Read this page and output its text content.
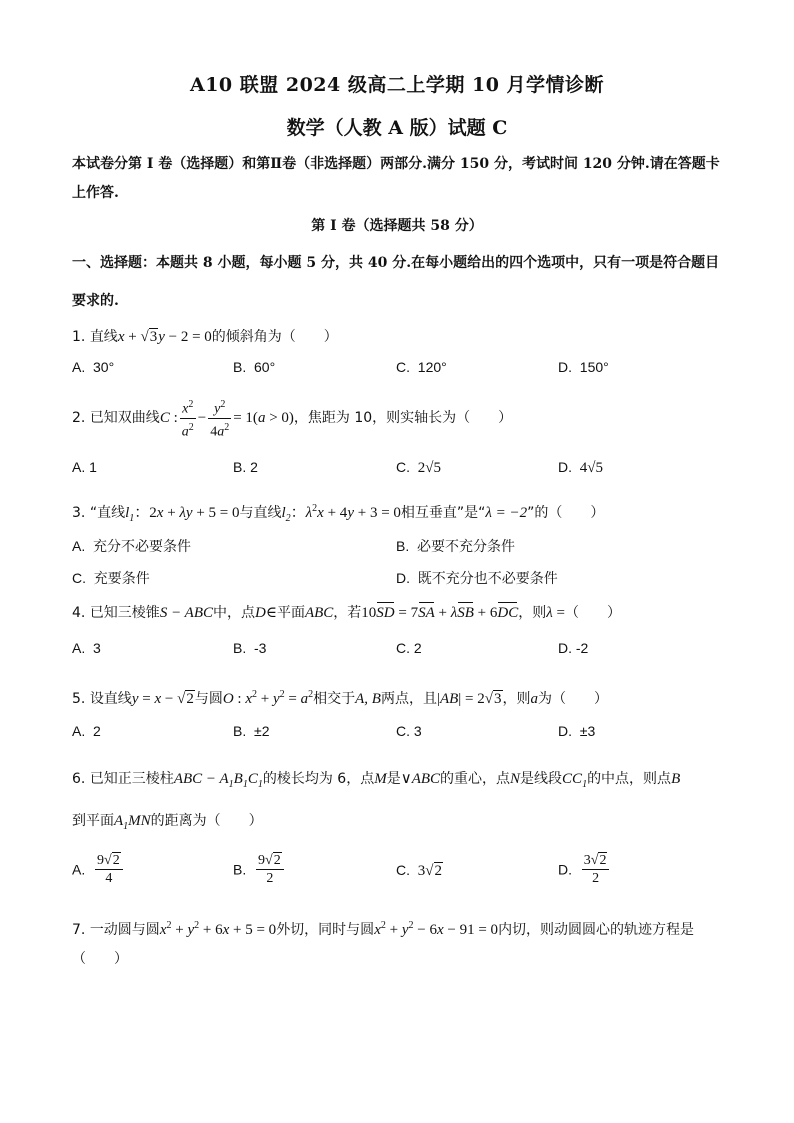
A10 联盟 2024 级高二上学期 10 月学情诊断
数学（人教 A 版）试题 C
本试卷分第 I 卷（选择题）和第Ⅱ卷（非选择题）两部分.满分 150 分，考试时间 120 分钟.请在答题卡上作答.
第 I 卷（选择题共 58 分）
一、选择题：本题共 8 小题，每小题 5 分，共 40 分.在每小题给出的四个选项中，只有一项是符合题目要求的.
1. 直线x + √3y − 2 = 0的倾斜角为（　　）
A. 30°	B. 60°	C. 120°	D. 150°
2. 已知双曲线C : $\frac{x^2}{a^2} - \frac{y^2}{4a^2} = 1(a > 0)$，焦距为 10，则实轴长为（　　）
A. 1	B. 2	C. 2√5	D. 4√5
3. “直线$l_1$：2x + λy + 5 = 0与直线$l_2$：$\lambda^2x + 4y + 3 = 0$相互垂直”是“λ = −2”的（　　）
A. 充分不必要条件	B. 必要不充分条件
C. 充要条件	D. 既不充分也不必要条件
4. 已知三棱锥S − ABC中，点D∈平面ABC，若10SD = 7SA + λSB + 6DC，则λ =（　　）
A. 3	B. -3	C. 2	D. -2
5. 设直线y = x − √2与圆O : $x^2 + y^2 = a^2$相交于A, B两点，且|AB| = 2√3，则a为（　　）
A. 2	B. ±2	C. 3	D. ±3
6. 已知正三棱柱ABC − $A_1B_1C_1$的棱长均为 6，点M是∨ABC的重心，点N是线段$CC_1$的中点，则点B
到平面$A_1MN$的距离为（　　）
A. $\frac{9√2}{4}$	B. $\frac{9√2}{2}$	C. 3√2	D. $\frac{3√2}{2}$
7. 一动圆与圆$x^2 + y^2 + 6x + 5 = 0$外切，同时与圆$x^2 + y^2 - 6x - 91 = 0$内切，则动圆圆心的轨迹方程是
（　　）
